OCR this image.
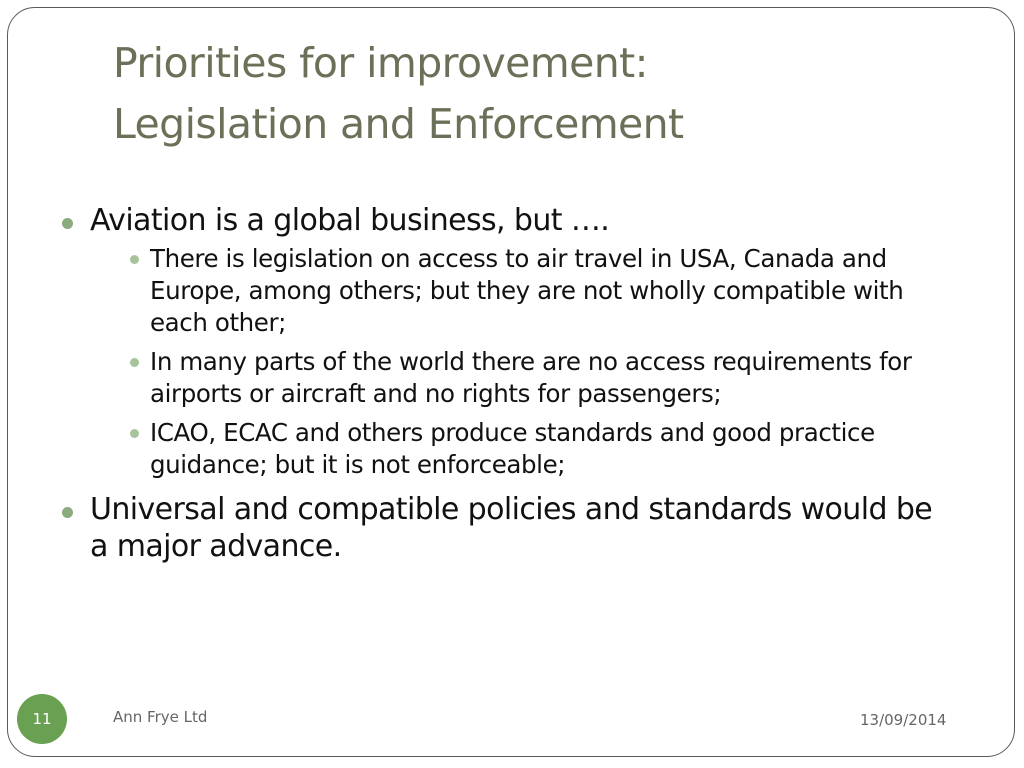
Priorities for improvement:
Legislation and Enforcement
Aviation is a global business, but ….
There is legislation on access to air travel in USA, Canada and Europe, among others; but they are not wholly compatible with each other;
In many parts of the world there are no access requirements for airports or aircraft and no rights for passengers;
ICAO, ECAC and others produce standards and good practice guidance; but it is not enforceable;
Universal and compatible policies and standards would be a major advance.
11	Ann Frye Ltd	13/09/2014
